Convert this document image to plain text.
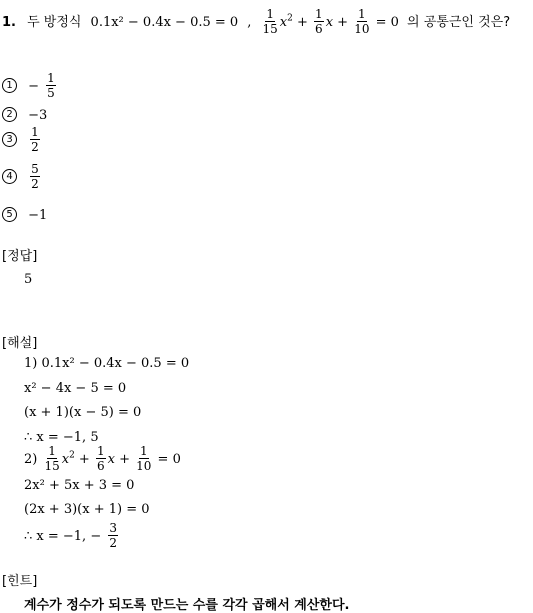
1. 두 방정식 0.1x² − 0.4x − 0.5 = 0 , $\frac{1}{15} x^2 + \frac{1}{6}$ $x + \frac{1}{10} = 0$ 의 공통근인 것은?
$1 - \frac{1}{5}$
2 −3
$3 \frac{1}{2}$
$4 \frac{5}{2}$
5 −1
[정답]
5
[해설]
1) 0.1x² − 0.4x − 0.5 = 0
x² − 4x − 5 = 0
(x + 1)(x − 5) = 0
∴ x = −1, 5
$2) \frac{1}{15} x^2 + \frac{1}{6}$ $x + \frac{1}{10} = 0$
2x² + 5x + 3 = 0
(2x + 3)(x + 1) = 0
∴ x = −1, − $\frac{3}{2}$
[힌트]
계수가 정수가 되도록 만드는 수를 각각 곱해서 계산한다.
